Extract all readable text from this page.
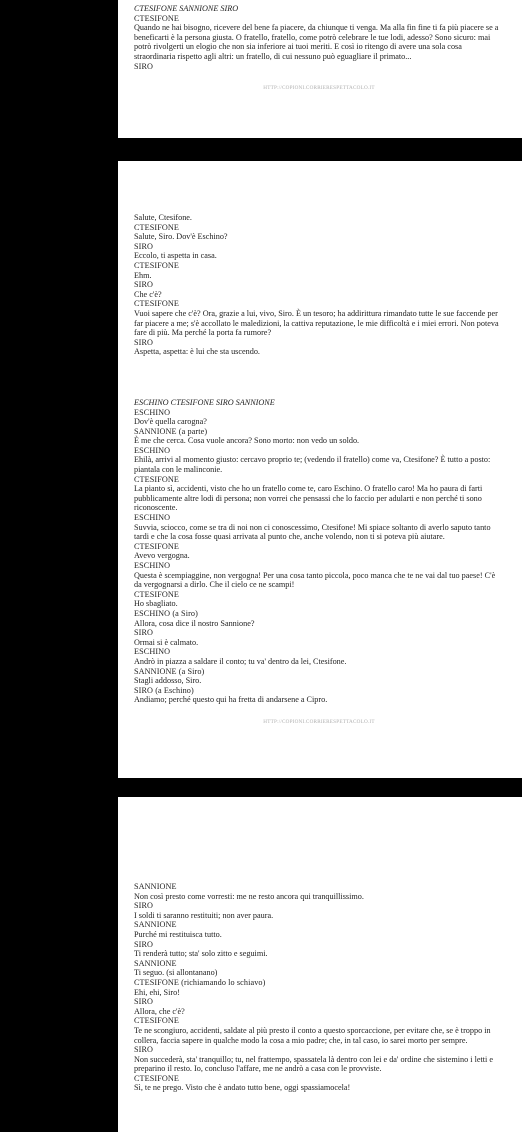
CTESIFONE SANNIONE SIRO

CTESIFONE

Quando ne hai bisogno, ricevere del bene fa piacere, da chiunque ti venga. Ma alla fin fine ti fa più piacere se a beneficarti è la persona giusta. O fratello, fratello, come potrò celebrare le tue lodi, adesso? Sono sicuro: mai potrò rivolgerti un elogio che non sia inferiore ai tuoi meriti. E così io ritengo di avere una sola cosa straordinaria rispetto agli altri: un fratello, di cui nessuno può eguagliare il primato...

SIRO

HTTP://COPIONI.CORRIERESPETTACOLO.IT

Salute, Ctesifone.

CTESIFONE

Salute, Siro. Dov'è Eschino?

SIRO

Eccolo, ti aspetta in casa.

CTESIFONE

Ehm.

SIRO

Che c'è?

CTESIFONE

Vuoi sapere che c'è? Ora, grazie a lui, vivo, Siro. È un tesoro; ha addirittura rimandato tutte le sue faccende per far piacere a me; s'è accollato le maledizioni, la cattiva reputazione, le mie difficoltà e i miei errori. Non poteva fare di più. Ma perché la porta fa rumore?

SIRO

Aspetta, aspetta: è lui che sta uscendo.

ESCHINO CTESIFONE SIRO SANNIONE

ESCHINO

Dov'è quella carogna?

SANNIONE (a parte)

È me che cerca. Cosa vuole ancora? Sono morto: non vedo un soldo.

ESCHINO

Ehilà, arrivi al momento giusto: cercavo proprio te; (vedendo il fratello) come va, Ctesifone? È tutto a posto: piantala con le malinconie.

CTESIFONE

La pianto sì, accidenti, visto che ho un fratello come te, caro Eschino. O fratello caro! Ma ho paura di farti pubblicamente altre lodi di persona; non vorrei che pensassi che lo faccio per adularti e non perché ti sono riconoscente.

ESCHINO

Suvvia, sciocco, come se tra di noi non ci conoscessimo, Ctesifone! Mi spiace soltanto di averlo saputo tanto tardi e che la cosa fosse quasi arrivata al punto che, anche volendo, non ti si poteva più aiutare.

CTESIFONE

Avevo vergogna.

ESCHINO

Questa è scempiaggine, non vergogna! Per una cosa tanto piccola, poco manca che te ne vai dal tuo paese! C'è da vergognarsi a dirlo. Che il cielo ce ne scampi!

CTESIFONE

Ho sbagliato.

ESCHINO (a Siro)

Allora, cosa dice il nostro Sannione?

SIRO

Ormai si è calmato.

ESCHINO

Andrò in piazza a saldare il conto; tu va' dentro da lei, Ctesifone.

SANNIONE (a Siro)

Stagli addosso, Siro.

SIRO (a Eschino)

Andiamo; perché questo qui ha fretta di andarsene a Cipro.

HTTP://COPIONI.CORRIERESPETTACOLO.IT

SANNIONE

Non così presto come vorresti: me ne resto ancora qui tranquillissimo.

SIRO

I soldi ti saranno restituiti; non aver paura.

SANNIONE

Purché mi restituisca tutto.

SIRO

Ti renderà tutto; sta' solo zitto e seguimi.

SANNIONE

Ti seguo. (si allontanano)

CTESIFONE (richiamando lo schiavo)

Ehi, ehi, Siro!

SIRO

Allora, che c'è?

CTESIFONE

Te ne scongiuro, accidenti, saldate al più presto il conto a questo sporcaccione, per evitare che, se è troppo in collera, faccia sapere in qualche modo la cosa a mio padre; che, in tal caso, io sarei morto per sempre.

SIRO

Non succederà, sta' tranquillo; tu, nel frattempo, spassatela là dentro con lei e da' ordine che sistemino i letti e preparino il resto. Io, concluso l'affare, me ne andrò a casa con le provviste.

CTESIFONE

Sì, te ne prego. Visto che è andato tutto bene, oggi spassiamocela!
